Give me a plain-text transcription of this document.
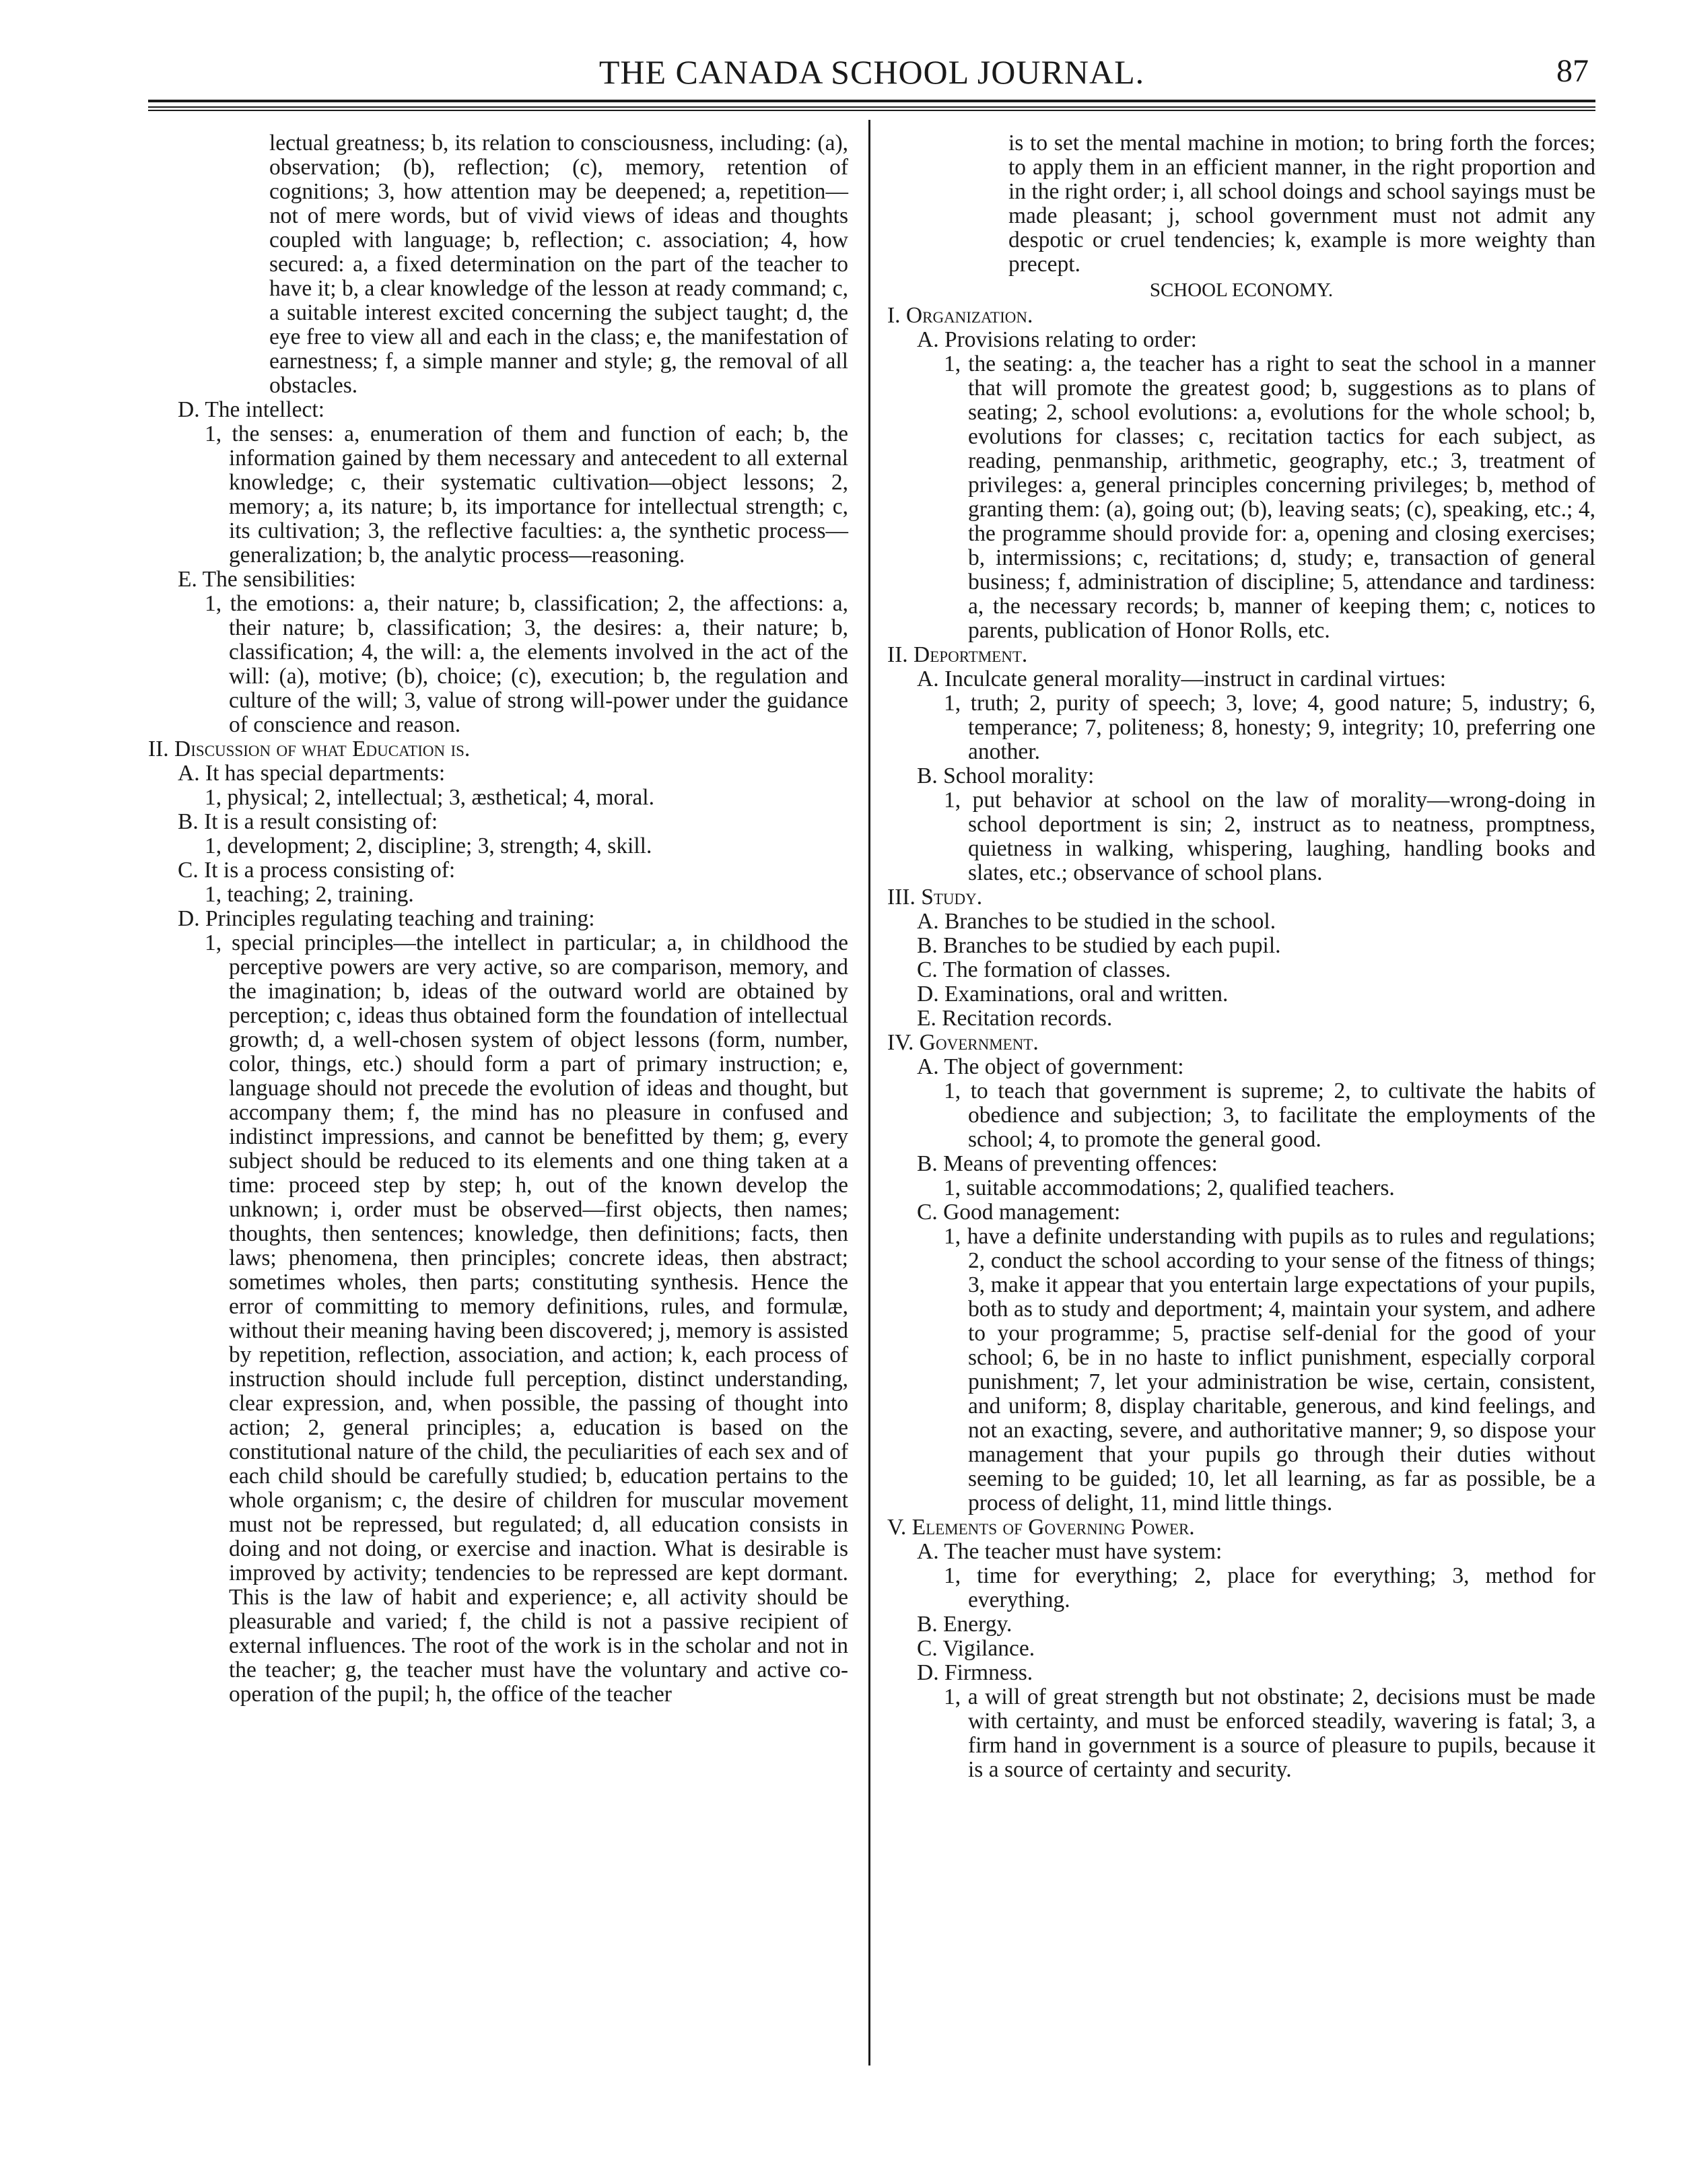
THE CANADA SCHOOL JOURNAL.	87

lectual greatness; b, its relation to consciousness, including: (a), observation; (b), reflection; (c), memory, retention of cognitions; 3, how attention may be deepened; a, repetition—not of mere words, but of vivid views of ideas and thoughts coupled with language; b, reflection; c. association; 4, how secured: a, a fixed determination on the part of the teacher to have it; b, a clear knowledge of the lesson at ready command; c, a suitable interest excited concerning the subject taught; d, the eye free to view all and each in the class; e, the manifestation of earnestness; f, a simple manner and style; g, the removal of all obstacles.

D. The intellect:

1, the senses: a, enumeration of them and function of each; b, the information gained by them necessary and antecedent to all external knowledge; c, their systematic cultivation—object lessons; 2, memory; a, its nature; b, its importance for intellectual strength; c, its cultivation; 3, the reflective faculties: a, the synthetic process—generalization; b, the analytic process—reasoning.

E. The sensibilities:

1, the emotions: a, their nature; b, classification; 2, the affections: a, their nature; b, classification; 3, the desires: a, their nature; b, classification; 4, the will: a, the elements involved in the act of the will: (a), motive; (b), choice; (c), execution; b, the regulation and culture of the will; 3, value of strong will-power under the guidance of conscience and reason.

II. Discussion of what Education is.

A. It has special departments:

1, physical; 2, intellectual; 3, æsthetical; 4, moral.

B. It is a result consisting of:

1, development; 2, discipline; 3, strength; 4, skill.

C. It is a process consisting of:

1, teaching; 2, training.

D. Principles regulating teaching and training:

1, special principles—the intellect in particular; a, in childhood the perceptive powers are very active, so are comparison, memory, and the imagination; b, ideas of the outward world are obtained by perception; c, ideas thus obtained form the foundation of intellectual growth; d, a well-chosen system of object lessons (form, number, color, things, etc.) should form a part of primary instruction; e, language should not precede the evolution of ideas and thought, but accompany them; f, the mind has no pleasure in confused and indistinct impressions, and cannot be benefitted by them; g, every subject should be reduced to its elements and one thing taken at a time: proceed step by step; h, out of the known develop the unknown; i, order must be observed—first objects, then names; thoughts, then sentences; knowledge, then definitions; facts, then laws; phenomena, then principles; concrete ideas, then abstract; sometimes wholes, then parts; constituting synthesis. Hence the error of committing to memory definitions, rules, and formulæ, without their meaning having been discovered; j, memory is assisted by repetition, reflection, association, and action; k, each process of instruction should include full perception, distinct understanding, clear expression, and, when possible, the passing of thought into action; 2, general principles; a, education is based on the constitutional nature of the child, the peculiarities of each sex and of each child should be carefully studied; b, education pertains to the whole organism; c, the desire of children for muscular movement must not be repressed, but regulated; d, all education consists in doing and not doing, or exercise and inaction. What is desirable is improved by activity; tendencies to be repressed are kept dormant. This is the law of habit and experience; e, all activity should be pleasurable and varied; f, the child is not a passive recipient of external influences. The root of the work is in the scholar and not in the teacher; g, the teacher must have the voluntary and active co-operation of the pupil; h, the office of the teacher

is to set the mental machine in motion; to bring forth the forces; to apply them in an efficient manner, in the right proportion and in the right order; i, all school doings and school sayings must be made pleasant; j, school government must not admit any despotic or cruel tendencies; k, example is more weighty than precept.

SCHOOL ECONOMY.

I. Organization.

A. Provisions relating to order:

1, the seating: a, the teacher has a right to seat the school in a manner that will promote the greatest good; b, suggestions as to plans of seating; 2, school evolutions: a, evolutions for the whole school; b, evolutions for classes; c, recitation tactics for each subject, as reading, penmanship, arithmetic, geography, etc.; 3, treatment of privileges: a, general principles concerning privileges; b, method of granting them: (a), going out; (b), leaving seats; (c), speaking, etc.; 4, the programme should provide for: a, opening and closing exercises; b, intermissions; c, recitations; d, study; e, transaction of general business; f, administration of discipline; 5, attendance and tardiness: a, the necessary records; b, manner of keeping them; c, notices to parents, publication of Honor Rolls, etc.

II. Deportment.

A. Inculcate general morality—instruct in cardinal virtues:

1, truth; 2, purity of speech; 3, love; 4, good nature; 5, industry; 6, temperance; 7, politeness; 8, honesty; 9, integrity; 10, preferring one another.

B. School morality:

1, put behavior at school on the law of morality—wrong-doing in school deportment is sin; 2, instruct as to neatness, promptness, quietness in walking, whispering, laughing, handling books and slates, etc.; observance of school plans.

III. Study.

A. Branches to be studied in the school.

B. Branches to be studied by each pupil.

C. The formation of classes.

D. Examinations, oral and written.

E. Recitation records.

IV. Government.

A. The object of government:

1, to teach that government is supreme; 2, to cultivate the habits of obedience and subjection; 3, to facilitate the employments of the school; 4, to promote the general good.

B. Means of preventing offences:

1, suitable accommodations; 2, qualified teachers.

C. Good management:

1, have a definite understanding with pupils as to rules and regulations; 2, conduct the school according to your sense of the fitness of things; 3, make it appear that you entertain large expectations of your pupils, both as to study and deportment; 4, maintain your system, and adhere to your programme; 5, practise self-denial for the good of your school; 6, be in no haste to inflict punishment, especially corporal punishment; 7, let your administration be wise, certain, consistent, and uniform; 8, display charitable, generous, and kind feelings, and not an exacting, severe, and authoritative manner; 9, so dispose your management that your pupils go through their duties without seeming to be guided; 10, let all learning, as far as possible, be a process of delight, 11, mind little things.

V. Elements of Governing Power.

A. The teacher must have system:

1, time for everything; 2, place for everything; 3, method for everything.

B. Energy.

C. Vigilance.

D. Firmness.

1, a will of great strength but not obstinate; 2, decisions must be made with certainty, and must be enforced steadily, wavering is fatal; 3, a firm hand in government is a source of pleasure to pupils, because it is a source of certainty and security.
